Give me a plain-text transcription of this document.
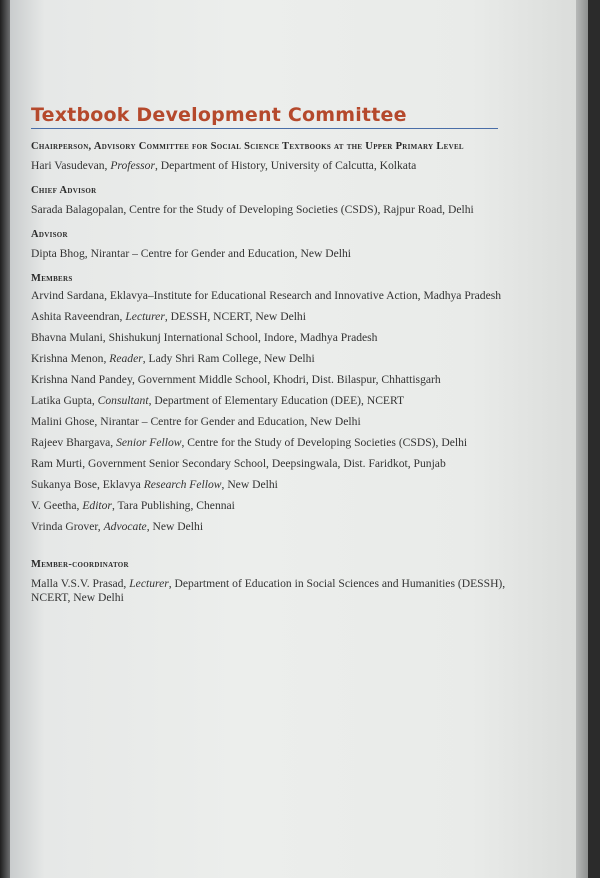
Textbook Development Committee
Chairperson, Advisory Committee for Social Science Textbooks at the Upper Primary Level
Hari Vasudevan, Professor, Department of History, University of Calcutta, Kolkata
Chief Advisor
Sarada Balagopalan, Centre for the Study of Developing Societies (CSDS), Rajpur Road, Delhi
Advisor
Dipta Bhog, Nirantar – Centre for Gender and Education, New Delhi
Members
Arvind Sardana, Eklavya–Institute for Educational Research and Innovative Action, Madhya Pradesh
Ashita Raveendran, Lecturer, DESSH, NCERT, New Delhi
Bhavna Mulani, Shishukunj International School, Indore, Madhya Pradesh
Krishna Menon, Reader, Lady Shri Ram College, New Delhi
Krishna Nand Pandey, Government Middle School, Khodri, Dist. Bilaspur, Chhattisgarh
Latika Gupta, Consultant, Department of Elementary Education (DEE), NCERT
Malini Ghose, Nirantar – Centre for Gender and Education, New Delhi
Rajeev Bhargava, Senior Fellow, Centre for the Study of Developing Societies (CSDS), Delhi
Ram Murti, Government Senior Secondary School, Deepsingwala, Dist. Faridkot, Punjab
Sukanya Bose, Eklavya Research Fellow, New Delhi
V. Geetha, Editor, Tara Publishing, Chennai
Vrinda Grover, Advocate, New Delhi
Member-coordinator
Malla V.S.V. Prasad, Lecturer, Department of Education in Social Sciences and Humanities (DESSH), NCERT, New Delhi
